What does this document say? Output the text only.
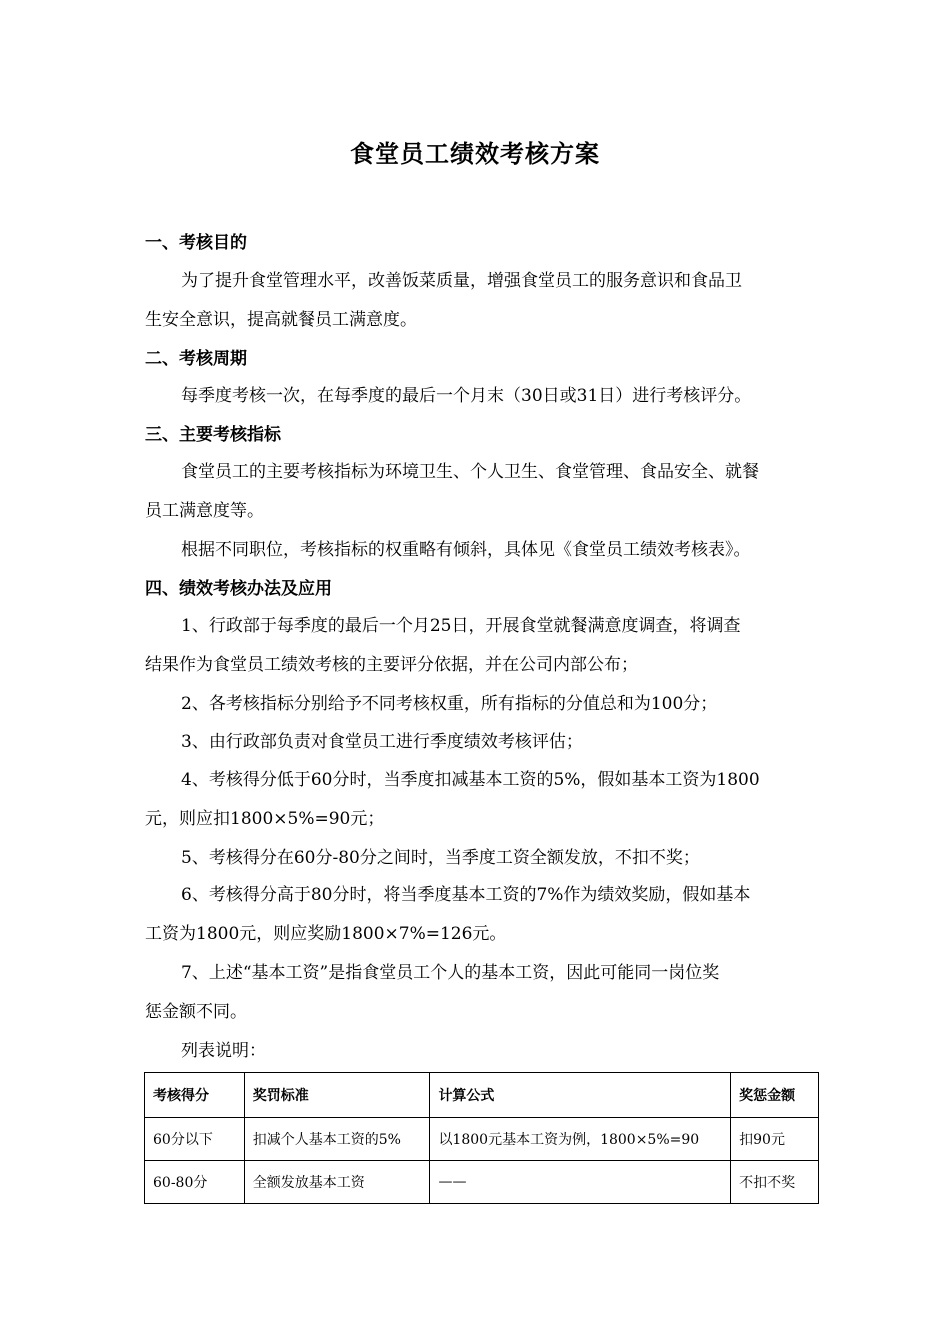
食堂员工绩效考核方案
一、考核目的
为了提升食堂管理水平，改善饭菜质量，增强食堂员工的服务意识和食品卫
生安全意识，提高就餐员工满意度。
二、考核周期
每季度考核一次，在每季度的最后一个月末（30日或31日）进行考核评分。
三、主要考核指标
食堂员工的主要考核指标为环境卫生、个人卫生、食堂管理、食品安全、就餐
员工满意度等。
根据不同职位，考核指标的权重略有倾斜，具体见《食堂员工绩效考核表》。
四、绩效考核办法及应用
1、行政部于每季度的最后一个月25日，开展食堂就餐满意度调查，将调查
结果作为食堂员工绩效考核的主要评分依据，并在公司内部公布；
2、各考核指标分别给予不同考核权重，所有指标的分值总和为100分；
3、由行政部负责对食堂员工进行季度绩效考核评估；
4、考核得分低于60分时，当季度扣减基本工资的5%，假如基本工资为1800
元，则应扣1800×5%=90元；
5、考核得分在60分-80分之间时，当季度工资全额发放，不扣不奖；
6、考核得分高于80分时，将当季度基本工资的7%作为绩效奖励，假如基本
工资为1800元，则应奖励1800×7%=126元。
7、上述“基本工资”是指食堂员工个人的基本工资，因此可能同一岗位奖
惩金额不同。
列表说明：
考核得分	奖罚标准	计算公式	奖惩金额
60分以下	扣减个人基本工资的5%	以1800元基本工资为例，1800×5%=90	扣90元
60-80分	全额发放基本工资	——	不扣不奖
